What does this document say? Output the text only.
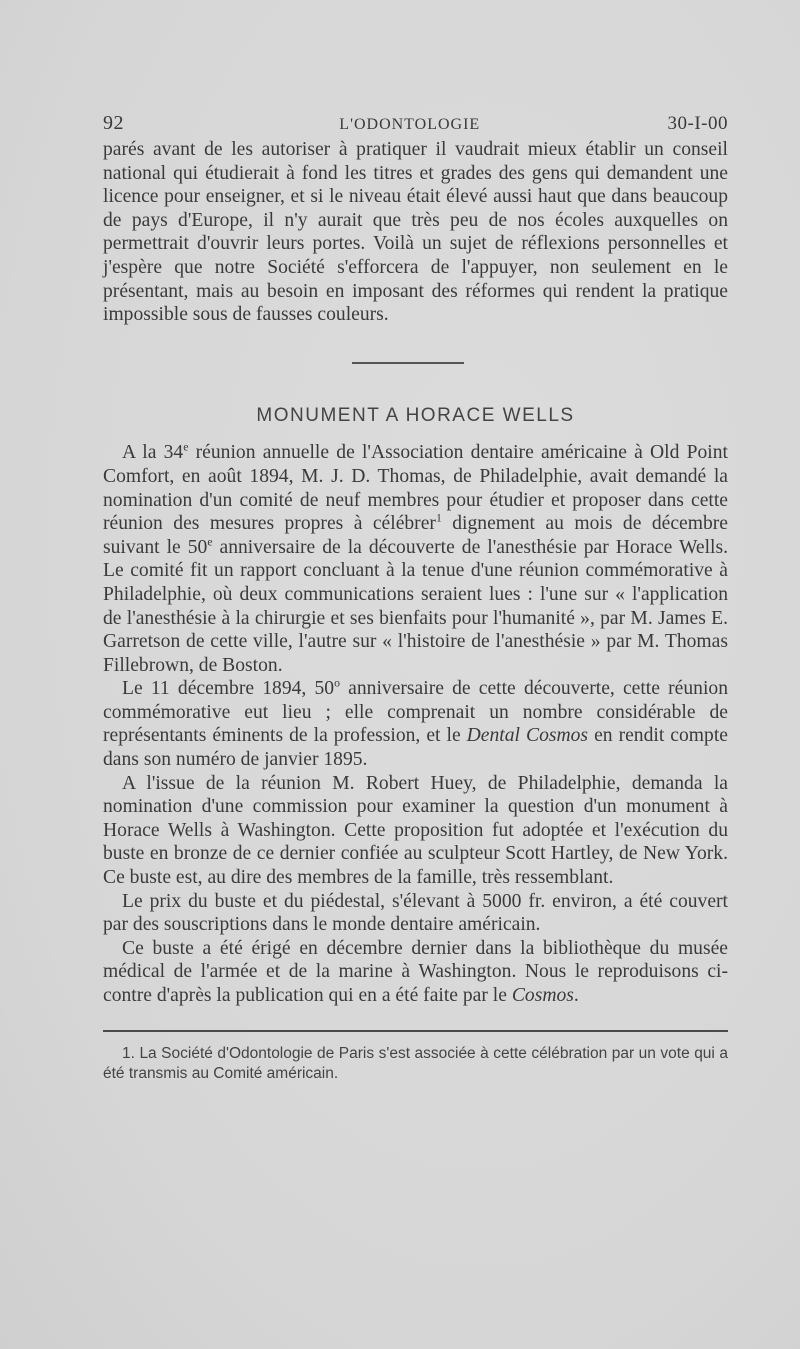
92	L'ODONTOLOGIE	30-I-00

parés avant de les autoriser à pratiquer il vaudrait mieux établir un conseil national qui étudierait à fond les titres et grades des gens qui demandent une licence pour enseigner, et si le niveau était élevé aussi haut que dans beaucoup de pays d'Europe, il n'y aurait que très peu de nos écoles auxquelles on permettrait d'ouvrir leurs portes. Voilà un sujet de réflexions personnelles et j'espère que notre Société s'efforcera de l'appuyer, non seulement en le présentant, mais au besoin en imposant des réformes qui rendent la pratique impossible sous de fausses couleurs.

MONUMENT A HORACE WELLS

A la 34e réunion annuelle de l'Association dentaire américaine à Old Point Comfort, en août 1894, M. J. D. Thomas, de Philadelphie, avait demandé la nomination d'un comité de neuf membres pour étudier et proposer dans cette réunion des mesures propres à célébrer$^1$ dignement au mois de décembre suivant le 50e anniversaire de la découverte de l'anesthésie par Horace Wells. Le comité fit un rapport concluant à la tenue d'une réunion commémorative à Philadelphie, où deux communications seraient lues : l'une sur « l'application de l'anesthésie à la chirurgie et ses bienfaits pour l'humanité », par M. James E. Garretson de cette ville, l'autre sur « l'histoire de l'anesthésie » par M. Thomas Fillebrown, de Boston.

Le 11 décembre 1894, 50$^o$ anniversaire de cette découverte, cette réunion commémorative eut lieu ; elle comprenait un nombre considérable de représentants éminents de la profession, et le Dental Cosmos en rendit compte dans son numéro de janvier 1895.

A l'issue de la réunion M. Robert Huey, de Philadelphie, demanda la nomination d'une commission pour examiner la question d'un monument à Horace Wells à Washington. Cette proposition fut adoptée et l'exécution du buste en bronze de ce dernier confiée au sculpteur Scott Hartley, de New York. Ce buste est, au dire des membres de la famille, très ressemblant.

Le prix du buste et du piédestal, s'élevant à 5000 fr. environ, a été couvert par des souscriptions dans le monde dentaire américain.

Ce buste a été érigé en décembre dernier dans la bibliothèque du musée médical de l'armée et de la marine à Washington. Nous le reproduisons ci-contre d'après la publication qui en a été faite par le Cosmos.

1. La Société d'Odontologie de Paris s'est associée à cette célébration par un vote qui a été transmis au Comité américain.
